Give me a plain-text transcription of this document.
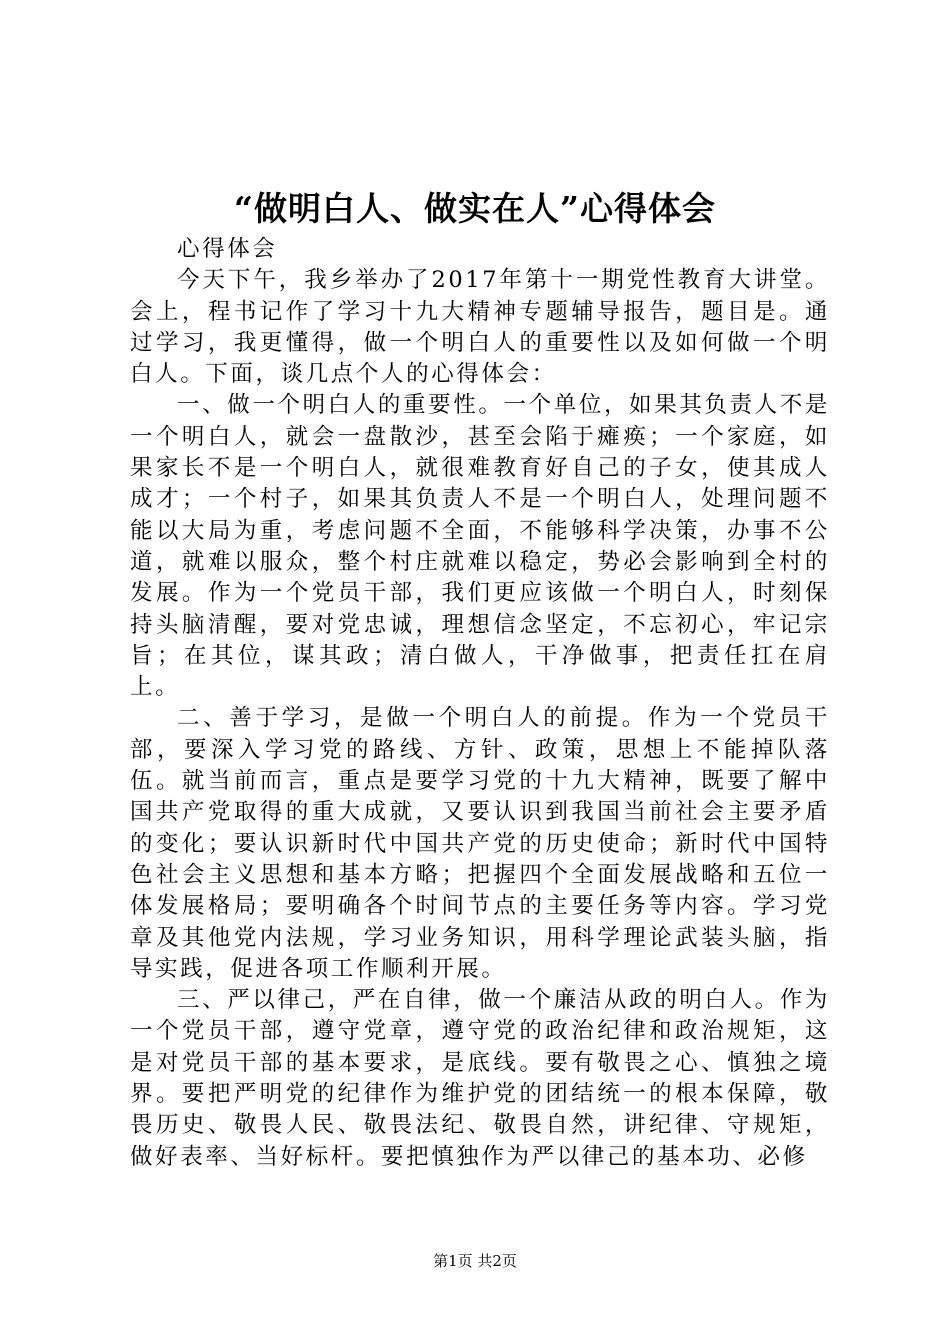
“做明白人、做实在人”心得体会

心得体会

今天下午，我乡举办了2017年第十一期党性教育大讲堂。会上，程书记作了学习十九大精神专题辅导报告，题目是。通过学习，我更懂得，做一个明白人的重要性以及如何做一个明白人。下面，谈几点个人的心得体会：

一、做一个明白人的重要性。一个单位，如果其负责人不是一个明白人，就会一盘散沙，甚至会陷于瘫痪；一个家庭，如果家长不是一个明白人，就很难教育好自己的子女，使其成人成才；一个村子，如果其负责人不是一个明白人，处理问题不能以大局为重，考虑问题不全面，不能够科学决策，办事不公道，就难以服众，整个村庄就难以稳定，势必会影响到全村的发展。作为一个党员干部，我们更应该做一个明白人，时刻保持头脑清醒，要对党忠诚，理想信念坚定，不忘初心，牢记宗旨；在其位，谋其政；清白做人，干净做事，把责任扛在肩上。

二、善于学习，是做一个明白人的前提。作为一个党员干部，要深入学习党的路线、方针、政策，思想上不能掉队落伍。就当前而言，重点是要学习党的十九大精神，既要了解中国共产党取得的重大成就，又要认识到我国当前社会主要矛盾的变化；要认识新时代中国共产党的历史使命；新时代中国特色社会主义思想和基本方略；把握四个全面发展战略和五位一体发展格局；要明确各个时间节点的主要任务等内容。学习党章及其他党内法规，学习业务知识，用科学理论武装头脑，指导实践，促进各项工作顺利开展。

三、严以律己，严在自律，做一个廉洁从政的明白人。作为一个党员干部，遵守党章，遵守党的政治纪律和政治规矩，这是对党员干部的基本要求，是底线。要有敬畏之心、慎独之境界。要把严明党的纪律作为维护党的团结统一的根本保障，敬畏历史、敬畏人民、敬畏法纪、敬畏自然，讲纪律、守规矩，做好表率、当好标杆。要把慎独作为严以律己的基本功、必修

第1页 共2页
